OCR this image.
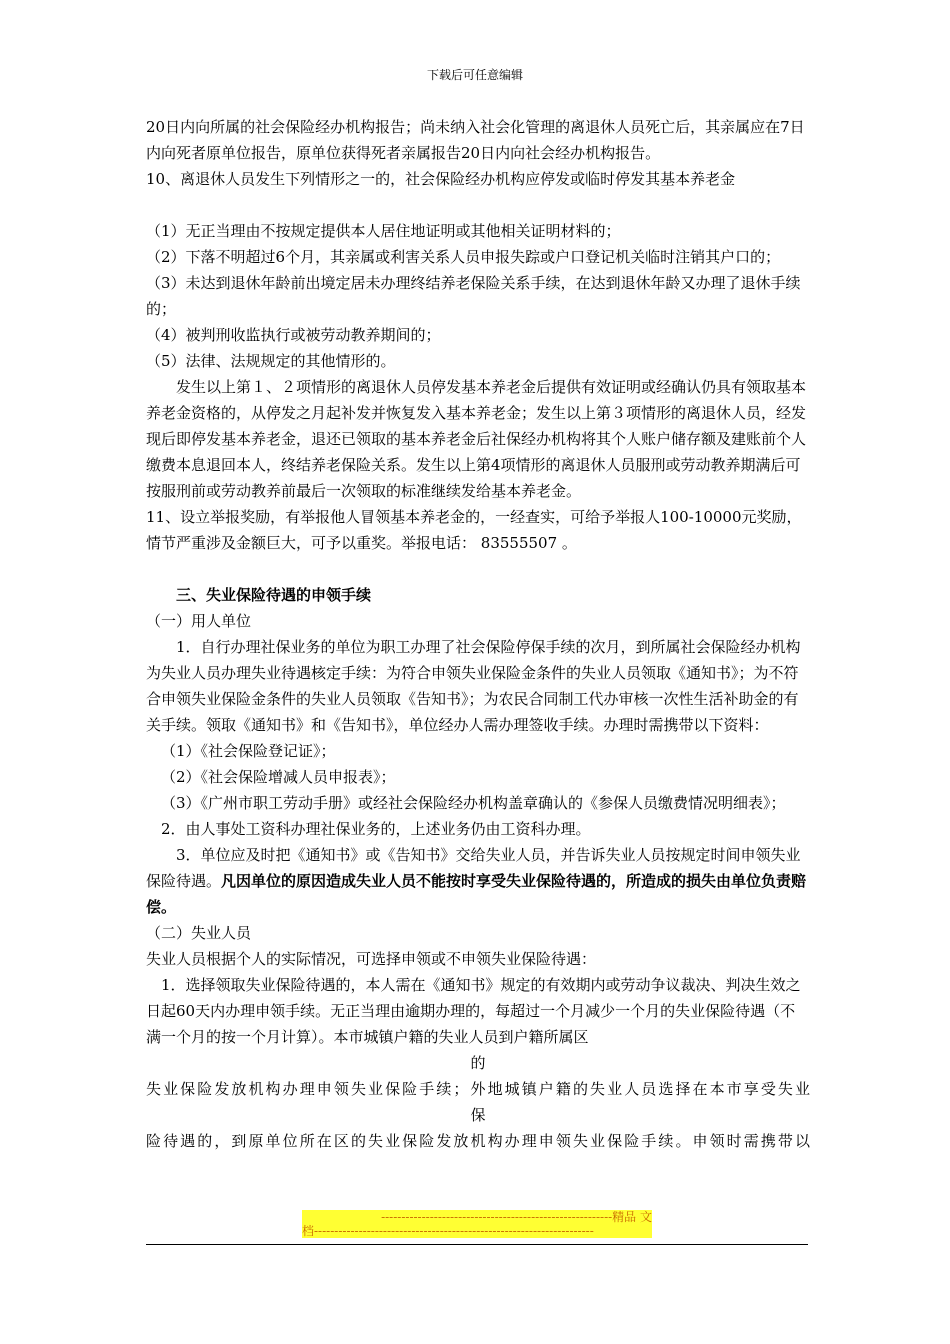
下载后可任意编辑

20日内向所属的社会保险经办机构报告；尚未纳入社会化管理的离退休人员死亡后，其亲属应在7日内向死者原单位报告，原单位获得死者亲属报告20日内向社会经办机构报告。

10、离退休人员发生下列情形之一的，社会保险经办机构应停发或临时停发其基本养老金

（1）无正当理由不按规定提供本人居住地证明或其他相关证明材料的；

（2）下落不明超过6个月，其亲属或利害关系人员申报失踪或户口登记机关临时注销其户口的；

（3）未达到退休年龄前出境定居未办理终结养老保险关系手续，在达到退休年龄又办理了退休手续的；

（4）被判刑收监执行或被劳动教养期间的；

（5）法律、法规规定的其他情形的。

发生以上第１、２项情形的离退休人员停发基本养老金后提供有效证明或经确认仍具有领取基本养老金资格的，从停发之月起补发并恢复发入基本养老金；发生以上第３项情形的离退休人员，经发现后即停发基本养老金，退还已领取的基本养老金后社保经办机构将其个人账户储存额及建账前个人缴费本息退回本人，终结养老保险关系。发生以上第4项情形的离退休人员服刑或劳动教养期满后可按服刑前或劳动教养前最后一次领取的标准继续发给基本养老金。

11、设立举报奖励，有举报他人冒领基本养老金的，一经查实，可给予举报人100-10000元奖励，情节严重涉及金额巨大，可予以重奖。举报电话： 83555507 。

三、失业保险待遇的申领手续

（一）用人单位

1．自行办理社保业务的单位为职工办理了社会保险停保手续的次月，到所属社会保险经办机构为失业人员办理失业待遇核定手续：为符合申领失业保险金条件的失业人员领取《通知书》；为不符合申领失业保险金条件的失业人员领取《告知书》；为农民合同制工代办审核一次性生活补助金的有关手续。领取《通知书》和《告知书》，单位经办人需办理签收手续。办理时需携带以下资料：

（1）《社会保险登记证》；

（2）《社会保险增减人员申报表》；

（3）《广州市职工劳动手册》或经社会保险经办机构盖章确认的《参保人员缴费情况明细表》；

2．由人事处工资科办理社保业务的，上述业务仍由工资科办理。

3．单位应及时把《通知书》或《告知书》交给失业人员，并告诉失业人员按规定时间申领失业保险待遇。凡因单位的原因造成失业人员不能按时享受失业保险待遇的，所造成的损失由单位负责赔偿。

（二）失业人员

失业人员根据个人的实际情况，可选择申领或不申领失业保险待遇：

1．选择领取失业保险待遇的，本人需在《通知书》规定的有效期内或劳动争议裁决、判决生效之日起60天内办理申领手续。无正当理由逾期办理的，每超过一个月减少一个月的失业保险待遇（不满一个月的按一个月计算）。本市城镇户籍的失业人员到户籍所属区

的

失业保险发放机构办理申领失业保险手续；外地城镇户籍的失业人员选择在本市享受失业

保

险待遇的，到原单位所在区的失业保险发放机构办理申领失业保险手续。申领时需携带以

---------------------------------------------------------精品 文
档---------------------------------------------------------------------
